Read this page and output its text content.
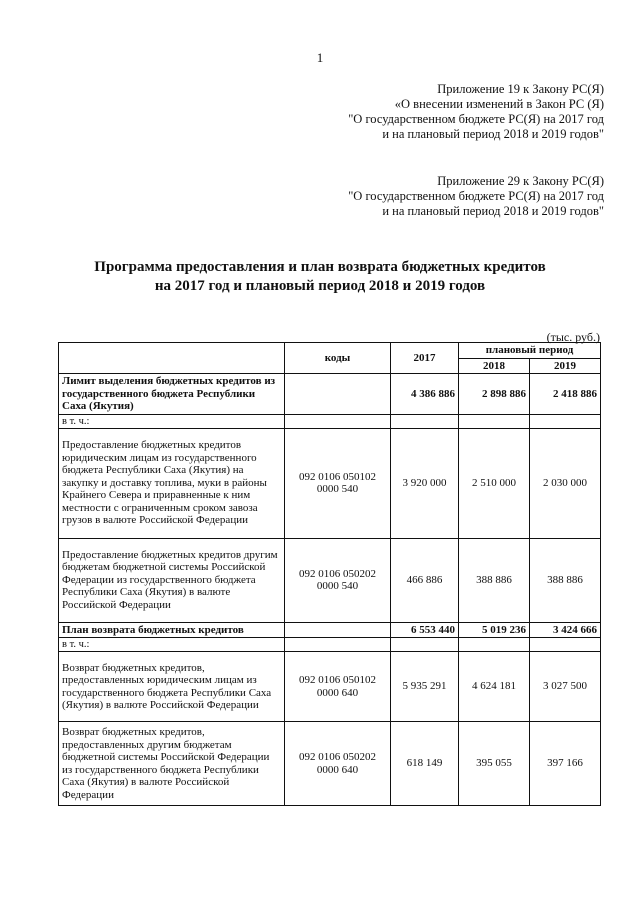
1
Приложение 19 к Закону РС(Я)
«О внесении изменений в Закон РС (Я)
"О государственном бюджете РС(Я) на 2017 год
и на плановый период 2018 и 2019 годов"
Приложение 29 к Закону РС(Я)
"О государственном бюджете РС(Я) на 2017 год
и на плановый период 2018 и 2019 годов"
Программа предоставления и план возврата бюджетных кредитов
на 2017 год и плановый период 2018 и 2019 годов
(тыс. руб.)
	коды	2017	плановый период	
			2018	2019
Лимит выделения бюджетных кредитов из государственного бюджета Республики Саха (Якутия)		4 386 886	2 898 886	2 418 886
в т. ч.:				
Предоставление бюджетных кредитов юридическим лицам из государственного бюджета Республики Саха (Якутия) на закупку и доставку топлива, муки в районы Крайнего Севера и приравненные к ним местности с ограниченным сроком завоза грузов в валюте Российской Федерации	092 0106 050102 0000 540	3 920 000	2 510 000	2 030 000
Предоставление бюджетных кредитов другим бюджетам бюджетной системы Российской Федерации из государственного бюджета Республики Саха (Якутия) в валюте Российской Федерации	092 0106 050202 0000 540	466 886	388 886	388 886
План возврата бюджетных кредитов		6 553 440	5 019 236	3 424 666
в т. ч.:				
Возврат бюджетных кредитов, предоставленных юридическим лицам из государственного бюджета Республики Саха (Якутия) в валюте Российской Федерации	092 0106 050102 0000 640	5 935 291	4 624 181	3 027 500
Возврат бюджетных кредитов, предоставленных другим бюджетам бюджетной системы Российской Федерации из государственного бюджета Республики Саха (Якутия) в валюте Российской Федерации	092 0106 050202 0000 640	618 149	395 055	397 166
